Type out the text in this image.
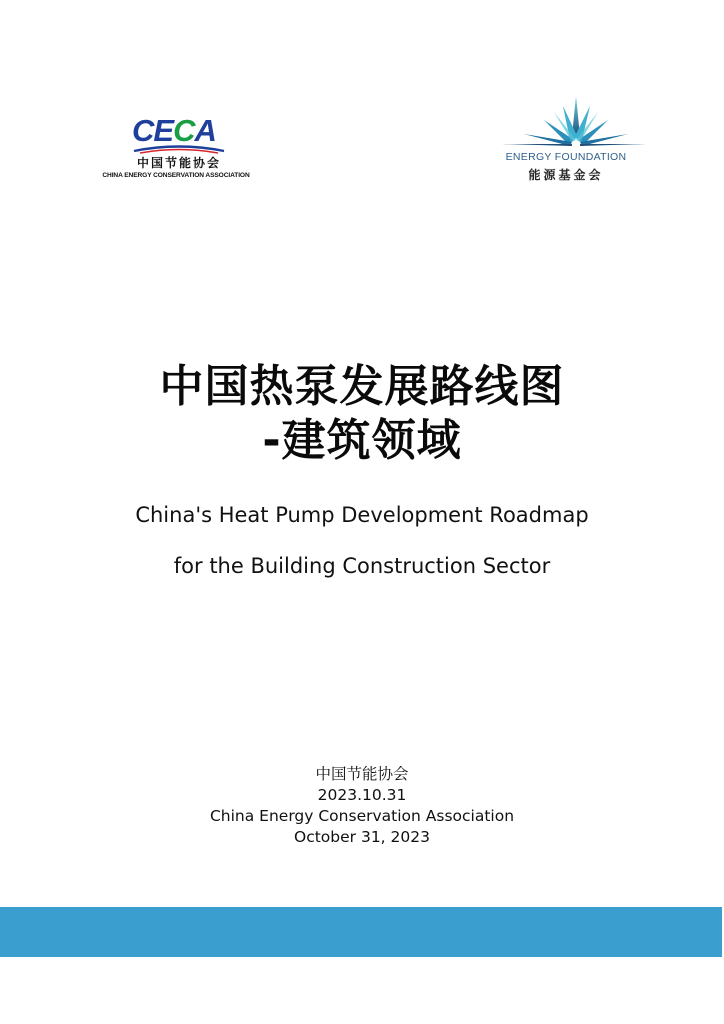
CECA
中国节能协会
CHINA ENERGY CONSERVATION ASSOCIATION
ENERGY FOUNDATION
能源基金会
中国热泵发展路线图
-建筑领域
China's Heat Pump Development Roadmap
for the Building Construction Sector
中国节能协会
2023.10.31
China Energy Conservation Association
October 31, 2023
